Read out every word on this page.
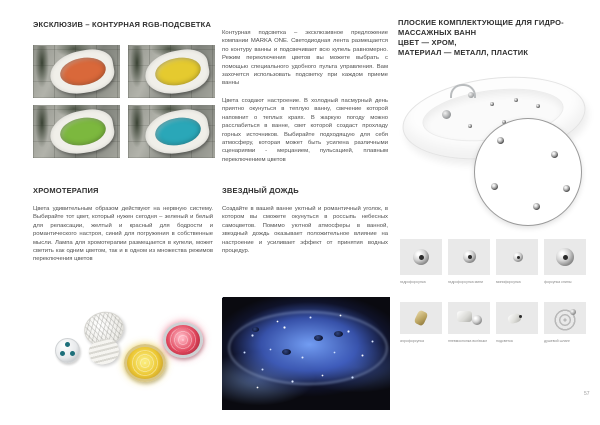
ЭКСКЛЮЗИВ – КОНТУРНАЯ RGB-ПОДСВЕТКА
ХРОМОТЕРАПИЯ
Цвета удивительным образом действуют на нервную систему. Выбирайте тот цвет, который нужен сегодня – зеленый и белый для релаксации, желтый и красный для бодрости и романтического настроя, синий для погружения в собственные мысли. Лампа для хромотерапии размещается в купели, может светить как одним цветом, так и в одном из множества режимов переключения цветов
Контурная подсветка – эксклюзивное предложение компании MARKA ONE. Светодиодная лента размещается по контуру ванны и подсвечивает всю купель равномерно. Режим переключения цветов вы можете выбрать с помощью специального удобного пульта управления. Вам захочется использовать подсветку при каждом приеме ванны
Цвета создают настроение. В холодный пасмурный день приятно окунуться в теплую ванну, свечение которой напомнит о теплых краях. В жаркую погоду можно расслабиться в ванне, свет которой создаст прохладу горных источников. Выбирайте подходящую для себя атмосферу, которая может быть усилена различными сценариями - мерцанием, пульсацией, плавным переключением цветов
ЗВЕЗДНЫЙ ДОЖДЬ
Создайте в вашей ванне уютный и романтичный уголок, в котором вы сможете окунуться в россыпь небесных самоцветов. Помимо уютной атмосферы в ванной, звездный дождь оказывает положительное влияние на настроение и усиливает эффект от принятия водных процедур.
ПЛОСКИЕ КОМПЛЕКТУЮЩИЕ ДЛЯ ГИДРО-
МАССАЖНЫХ ВАНН
ЦВЕТ — ХРОМ,
МАТЕРИАЛ — МЕТАЛЛ, ПЛАСТИК
гидрофорсунка	гидрофорсунка мини	минифорсунка	форсунка спины
аэрофорсунка	пневмокнопка вкл/выкл	подсветка	душевой шланг
57
